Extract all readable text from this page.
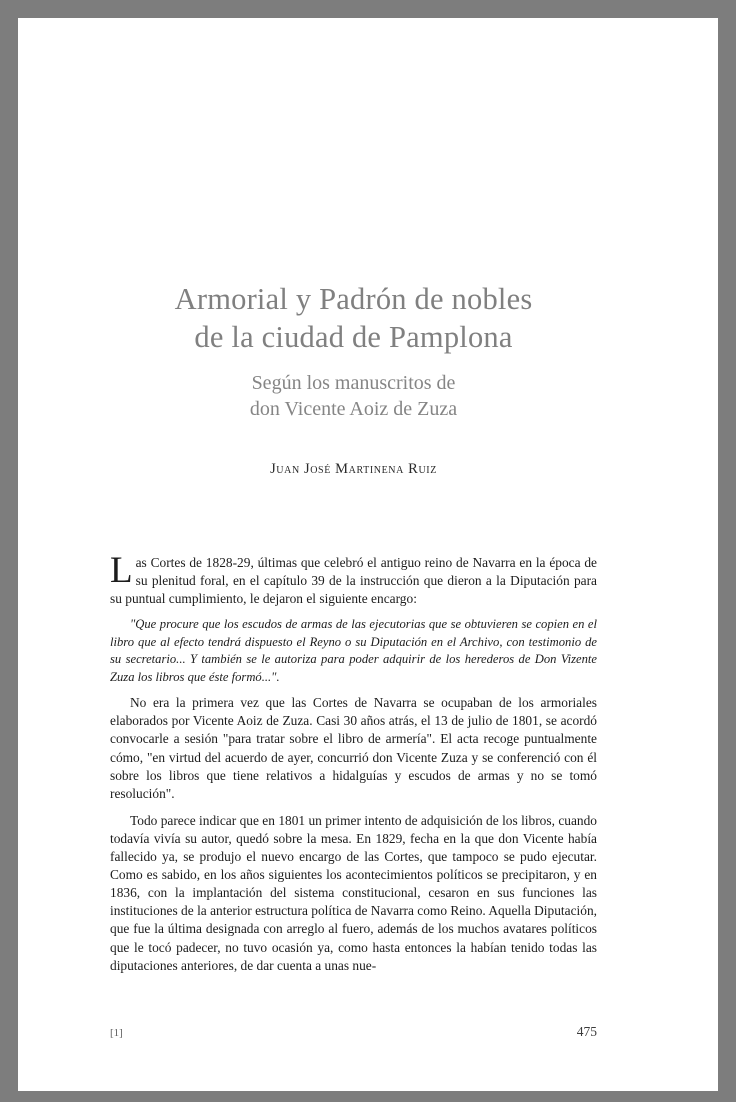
Armorial y Padrón de nobles
de la ciudad de Pamplona
Según los manuscritos de
don Vicente Aoiz de Zuza

Juan José Martinena Ruiz

Las Cortes de 1828-29, últimas que celebró el antiguo reino de Navarra en la época de su plenitud foral, en el capítulo 39 de la instrucción que dieron a la Diputación para su puntual cumplimiento, le dejaron el siguiente encargo:

"Que procure que los escudos de armas de las ejecutorias que se obtuvieren se copien en el libro que al efecto tendrá dispuesto el Reyno o su Diputación en el Archivo, con testimonio de su secretario... Y también se le autoriza para poder adquirir de los herederos de Don Vizente Zuza los libros que éste formó...".

No era la primera vez que las Cortes de Navarra se ocupaban de los armoriales elaborados por Vicente Aoiz de Zuza. Casi 30 años atrás, el 13 de julio de 1801, se acordó convocarle a sesión "para tratar sobre el libro de armería". El acta recoge puntualmente cómo, "en virtud del acuerdo de ayer, concurrió don Vicente Zuza y se conferenció con él sobre los libros que tiene relativos a hidalguías y escudos de armas y no se tomó resolución".

Todo parece indicar que en 1801 un primer intento de adquisición de los libros, cuando todavía vivía su autor, quedó sobre la mesa. En 1829, fecha en la que don Vicente había fallecido ya, se produjo el nuevo encargo de las Cortes, que tampoco se pudo ejecutar. Como es sabido, en los años siguientes los acontecimientos políticos se precipitaron, y en 1836, con la implantación del sistema constitucional, cesaron en sus funciones las instituciones de la anterior estructura política de Navarra como Reino. Aquella Diputación, que fue la última designada con arreglo al fuero, además de los muchos avatares políticos que le tocó padecer, no tuvo ocasión ya, como hasta entonces la habían tenido todas las diputaciones anteriores, de dar cuenta a unas nue-

[1]	475
